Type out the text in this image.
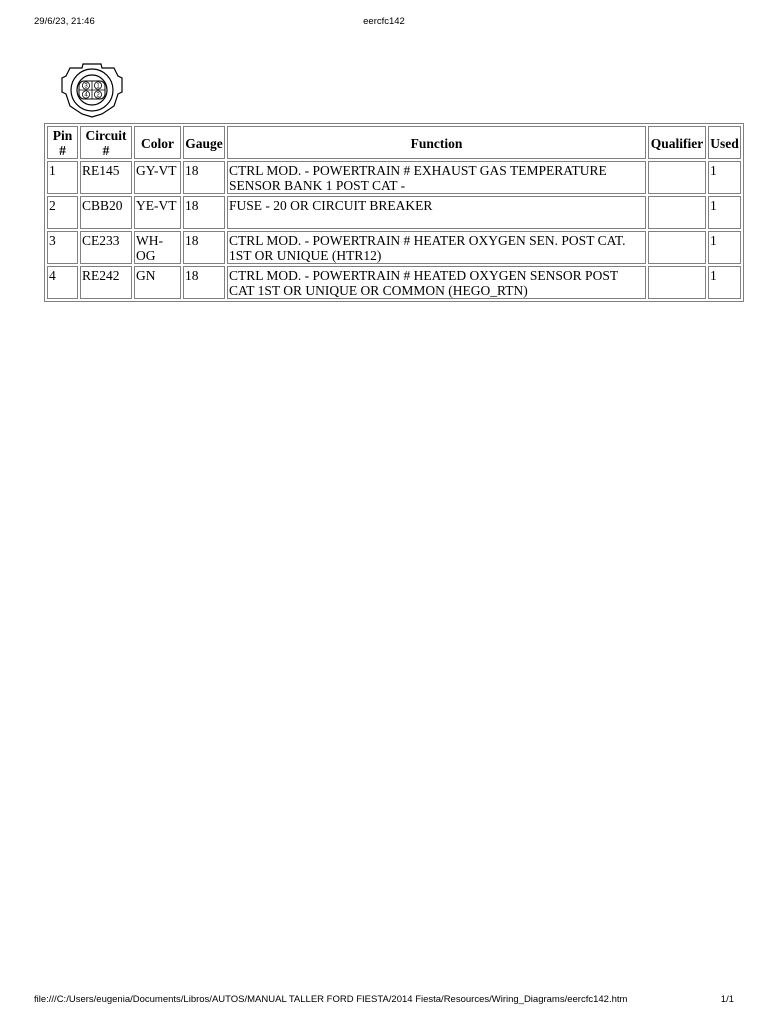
29/6/23, 21:46	eercfc142
3 1
4 2
Pin #	Circuit #	Color	Gauge	Function	Qualifier	Used
1	RE145	GY-VT	18	CTRL MOD. - POWERTRAIN # EXHAUST GAS TEMPERATURE SENSOR BANK 1 POST CAT -		1
2	CBB20	YE-VT	18	FUSE - 20 OR CIRCUIT BREAKER		1
3	CE233	WH-OG	18	CTRL MOD. - POWERTRAIN # HEATER OXYGEN SEN. POST CAT. 1ST OR UNIQUE (HTR12)		1
4	RE242	GN	18	CTRL MOD. - POWERTRAIN # HEATED OXYGEN SENSOR POST CAT 1ST OR UNIQUE OR COMMON (HEGO_RTN)		1
file:///C:/Users/eugenia/Documents/Libros/AUTOS/MANUAL TALLER FORD FIESTA/2014 Fiesta/Resources/Wiring_Diagrams/eercfc142.htm	1/1
